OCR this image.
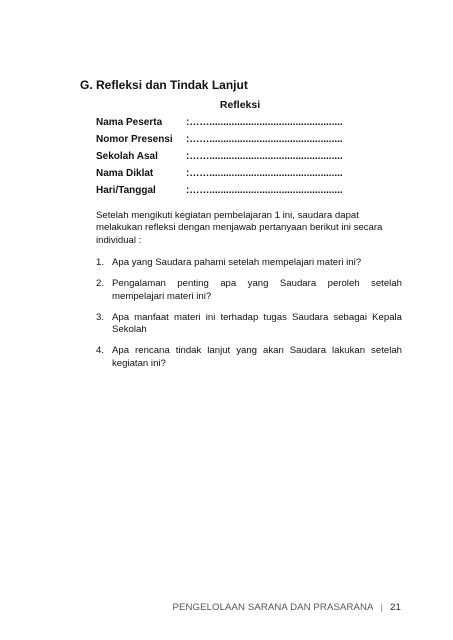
G. Refleksi dan Tindak Lanjut
Refleksi
Nama Peserta :……................................................
Nomor Presensi :……................................................
Sekolah Asal	:……................................................
Nama Diklat	:……................................................
Hari/Tanggal	:……................................................

Setelah mengikuti kegiatan pembelajaran 1 ini, saudara dapat melakukan refleksi dengan menjawab pertanyaan berikut ini secara individual :

1. Apa yang Saudara pahami setelah mempelajari materi ini?
2. Pengalaman penting apa yang Saudara peroleh setelah mempelajari materi ini?
3. Apa manfaat materi ini terhadap tugas Saudara sebagai Kepala Sekolah
4. Apa rencana tindak lanjut yang akan Saudara lakukan setelah kegiatan ini?
PENGELOLAAN SARANA DAN PRASARANA | 21
